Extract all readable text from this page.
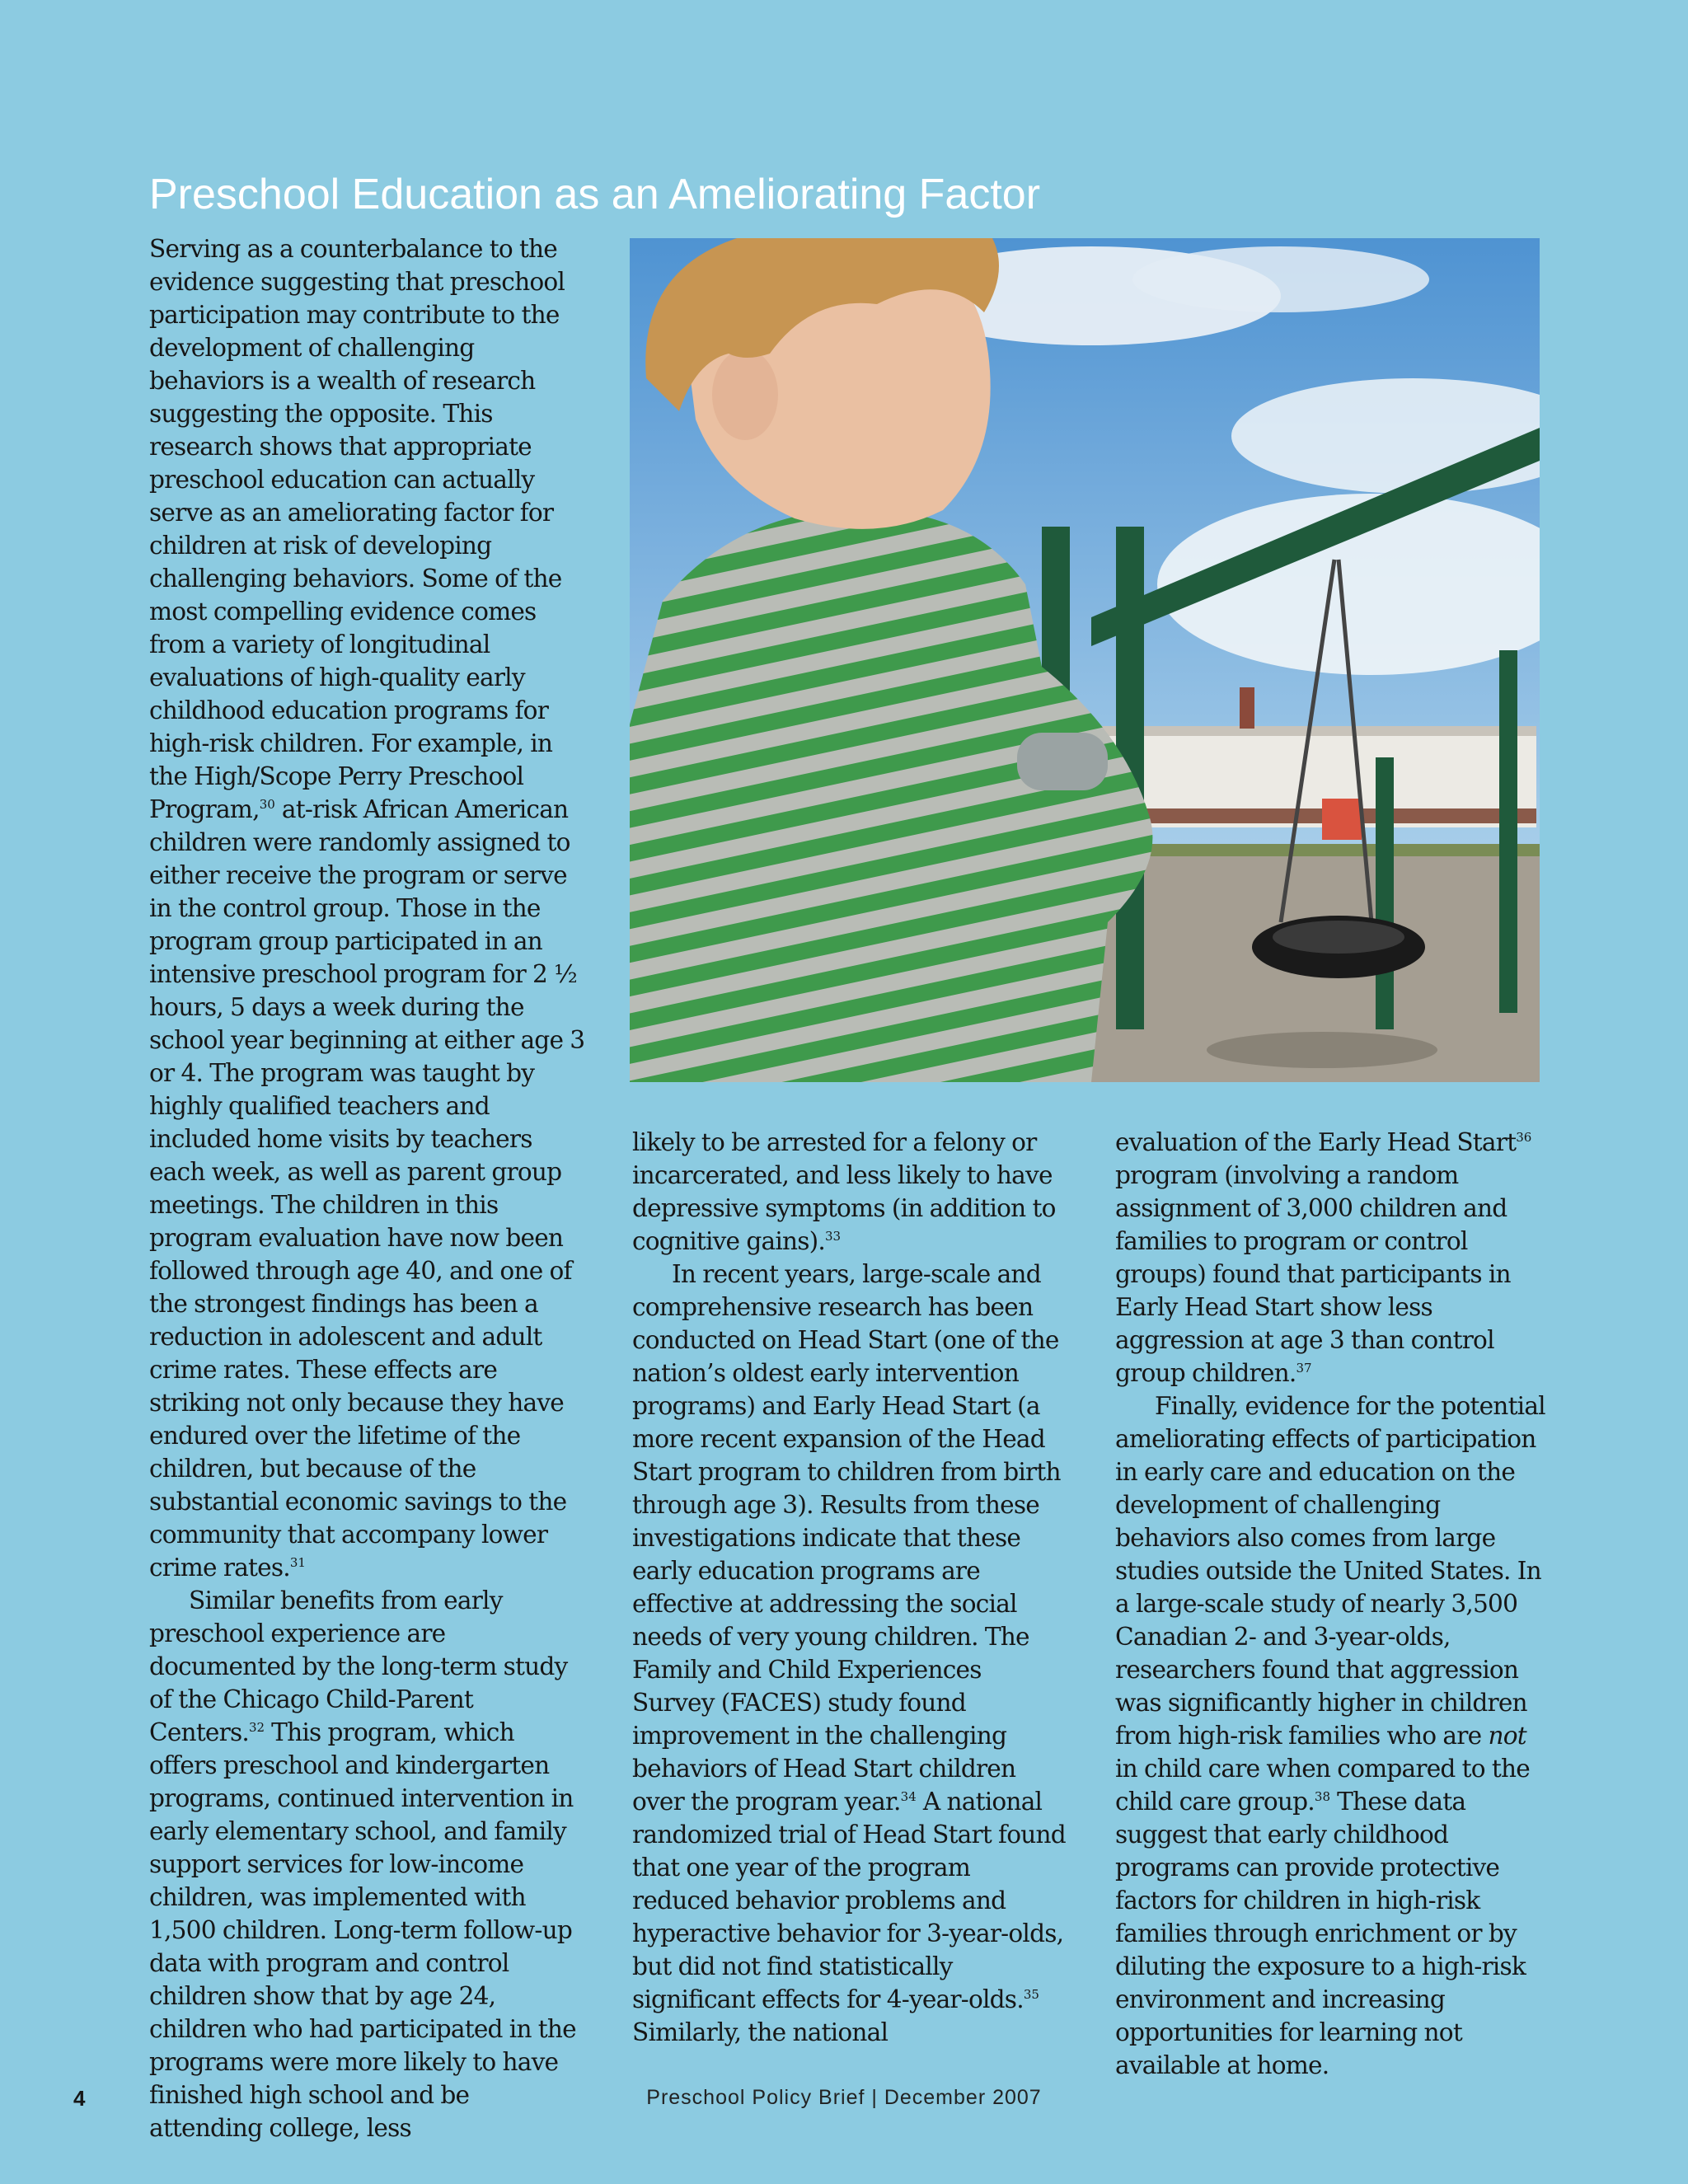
Preschool Education as an Ameliorating Factor

Serving as a counterbalance to the evidence suggesting that preschool participation may contribute to the development of challenging behaviors is a wealth of research suggesting the opposite. This research shows that appropriate preschool education can actually serve as an ameliorating factor for children at risk of developing challenging behaviors. Some of the most compelling evidence comes from a variety of longitudinal evaluations of high-quality early childhood education programs for high-risk children. For example, in the High/Scope Perry Preschool Program,$^{30}$ at-risk African American children were randomly assigned to either receive the program or serve in the control group. Those in the program group participated in an intensive preschool program for 2 ½ hours, 5 days a week during the school year beginning at either age 3 or 4. The program was taught by highly qualified teachers and included home visits by teachers each week, as well as parent group meetings. The children in this program evaluation have now been followed through age 40, and one of the strongest findings has been a reduction in adolescent and adult crime rates. These effects are striking not only because they have endured over the lifetime of the children, but because of the substantial economic savings to the community that accompany lower crime rates.$^{31}$

Similar benefits from early preschool experience are documented by the long-term study of the Chicago Child-Parent Centers.$^{32}$ This program, which offers preschool and kindergarten programs, continued intervention in early elementary school, and family support services for low-income children, was implemented with 1,500 children. Long-term follow-up data with program and control children show that by age 24, children who had participated in the programs were more likely to have finished high school and be attending college, less

likely to be arrested for a felony or incarcerated, and less likely to have depressive symptoms (in addition to cognitive gains).$^{33}$

In recent years, large-scale and comprehensive research has been conducted on Head Start (one of the nation’s oldest early intervention programs) and Early Head Start (a more recent expansion of the Head Start program to children from birth through age 3). Results from these investigations indicate that these early education programs are effective at addressing the social needs of very young children. The Family and Child Experiences Survey (FACES) study found improvement in the challenging behaviors of Head Start children over the program year.$^{34}$ A national randomized trial of Head Start found that one year of the program reduced behavior problems and hyperactive behavior for 3-year-olds, but did not find statistically significant effects for 4-year-olds.$^{35}$ Similarly, the national

evaluation of the Early Head Start$^{36}$ program (involving a random assignment of 3,000 children and families to program or control groups) found that participants in Early Head Start show less aggression at age 3 than control group children.$^{37}$

Finally, evidence for the potential ameliorating effects of participation in early care and education on the development of challenging behaviors also comes from large studies outside the United States. In a large-scale study of nearly 3,500 Canadian 2- and 3-year-olds, researchers found that aggression was significantly higher in children from high-risk families who are not in child care when compared to the child care group.$^{38}$ These data suggest that early childhood programs can provide protective factors for children in high-risk families through enrichment or by diluting the exposure to a high-risk environment and increasing opportunities for learning not available at home.

4	Preschool Policy Brief | December 2007
